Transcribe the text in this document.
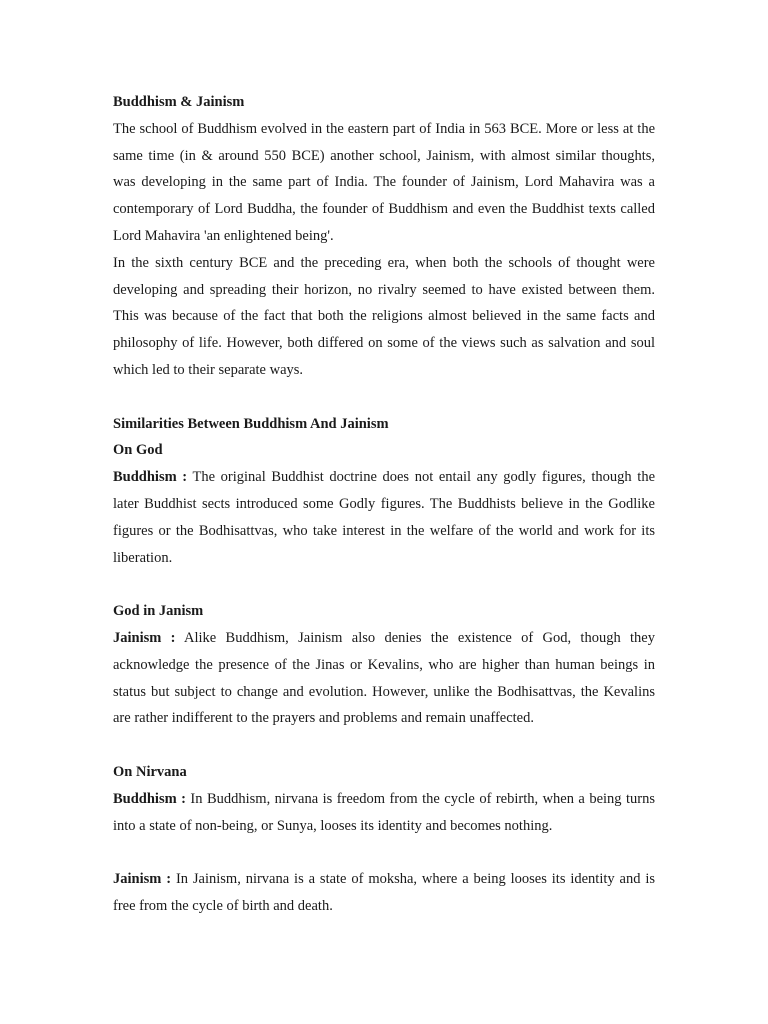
Buddhism & Jainism

The school of Buddhism evolved in the eastern part of India in 563 BCE. More or less at the same time (in & around 550 BCE) another school, Jainism, with almost similar thoughts, was developing in the same part of India. The founder of Jainism, Lord Mahavira was a contemporary of Lord Buddha, the founder of Buddhism and even the Buddhist texts called Lord Mahavira 'an enlightened being'.

In the sixth century BCE and the preceding era, when both the schools of thought were developing and spreading their horizon, no rivalry seemed to have existed between them. This was because of the fact that both the religions almost believed in the same facts and philosophy of life. However, both differed on some of the views such as salvation and soul which led to their separate ways.

Similarities Between Buddhism And Jainism

On God

Buddhism : The original Buddhist doctrine does not entail any godly figures, though the later Buddhist sects introduced some Godly figures. The Buddhists believe in the Godlike figures or the Bodhisattvas, who take interest in the welfare of the world and work for its liberation.

God in Janism

Jainism : Alike Buddhism, Jainism also denies the existence of God, though they acknowledge the presence of the Jinas or Kevalins, who are higher than human beings in status but subject to change and evolution. However, unlike the Bodhisattvas, the Kevalins are rather indifferent to the prayers and problems and remain unaffected.

On Nirvana

Buddhism : In Buddhism, nirvana is freedom from the cycle of rebirth, when a being turns into a state of non-being, or Sunya, looses its identity and becomes nothing.

Jainism : In Jainism, nirvana is a state of moksha, where a being looses its identity and is free from the cycle of birth and death.
